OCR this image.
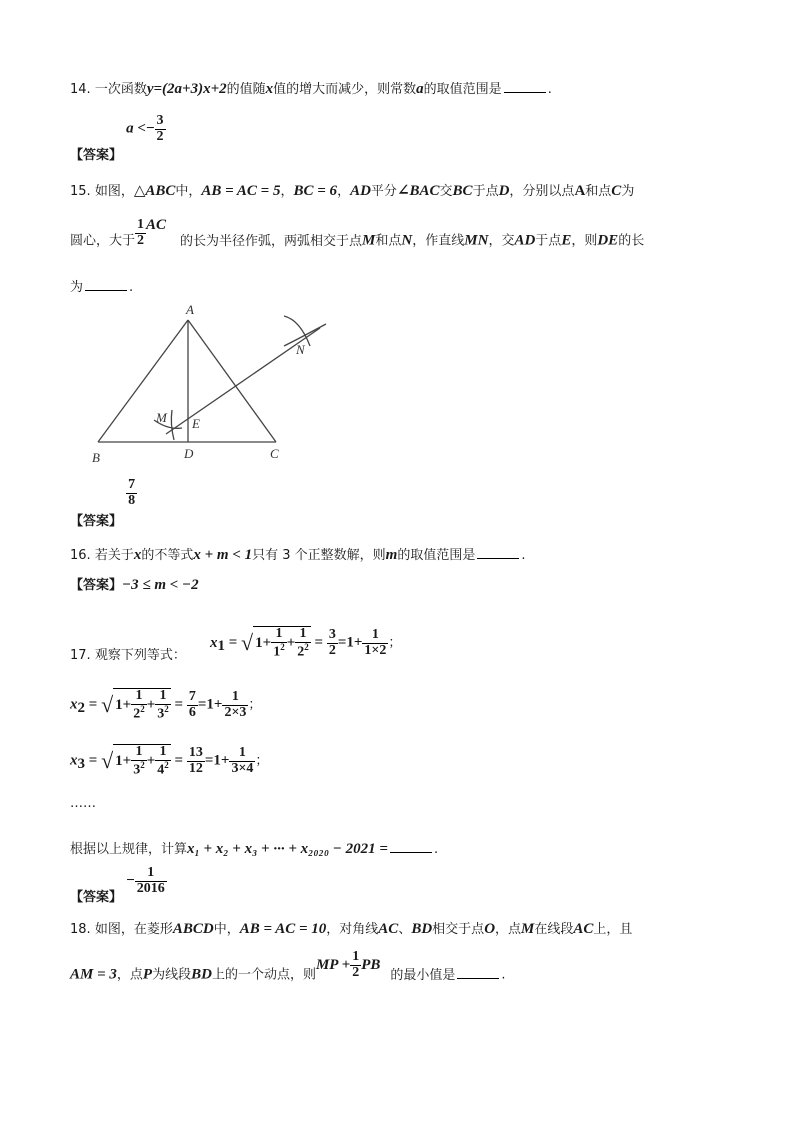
14. 一次函数y=(2a+3)x+2的值随x值的增大而减少，则常数a的取值范围是	.
【答案】 $a <- \frac{3}{2}$
15. 如图，△ABC中，AB = AC = 5，BC = 6，AD平分∠BAC交BC于点D，分别以点A和点C为
圆心，大于 $\frac{1}{2}$ AC的长为半径作弧，两弧相交于点M和点N，作直线MN，交AD于点E，则DE的长
为	.
A
B	C
D
E
M
N
【答案】
$\frac{7}{8}$
16. 若关于x的不等式x + m < 1只有 3 个正整数解，则m的取值范围是	.
【答案】−3 ≤ m < −2
17. 观察下列等式： $x_1$ = √ $1+ \frac{1}{1^2} + \frac{1}{2^2} = \frac{3}{2} =1+ \frac{1}{1\times 2}$ ；
$x_2$ = √ $1+ \frac{1}{2^2} + \frac{1}{3^2} = \frac{7}{6} =1+ \frac{1}{2\times 3}$ ；
$x_3$ = √ $1+ \frac{1}{3^2} + \frac{1}{4^2} = \frac{13}{12} =1+ \frac{1}{3\times 4}$ ；
……
根据以上规律，计算x₁ + x₂ + x₃ + ··· + x₂₀₂₀ − 2021 =	.
【答案】 − $\frac{1}{2016}$
18. 如图，在菱形ABCD中，AB = AC = 10，对角线AC、BD相交于点O，点M在线段AC上，且
AM = 3，点P为线段BD上的一个动点，则MP + $\frac{1}{2}$ PB的最小值是	.
